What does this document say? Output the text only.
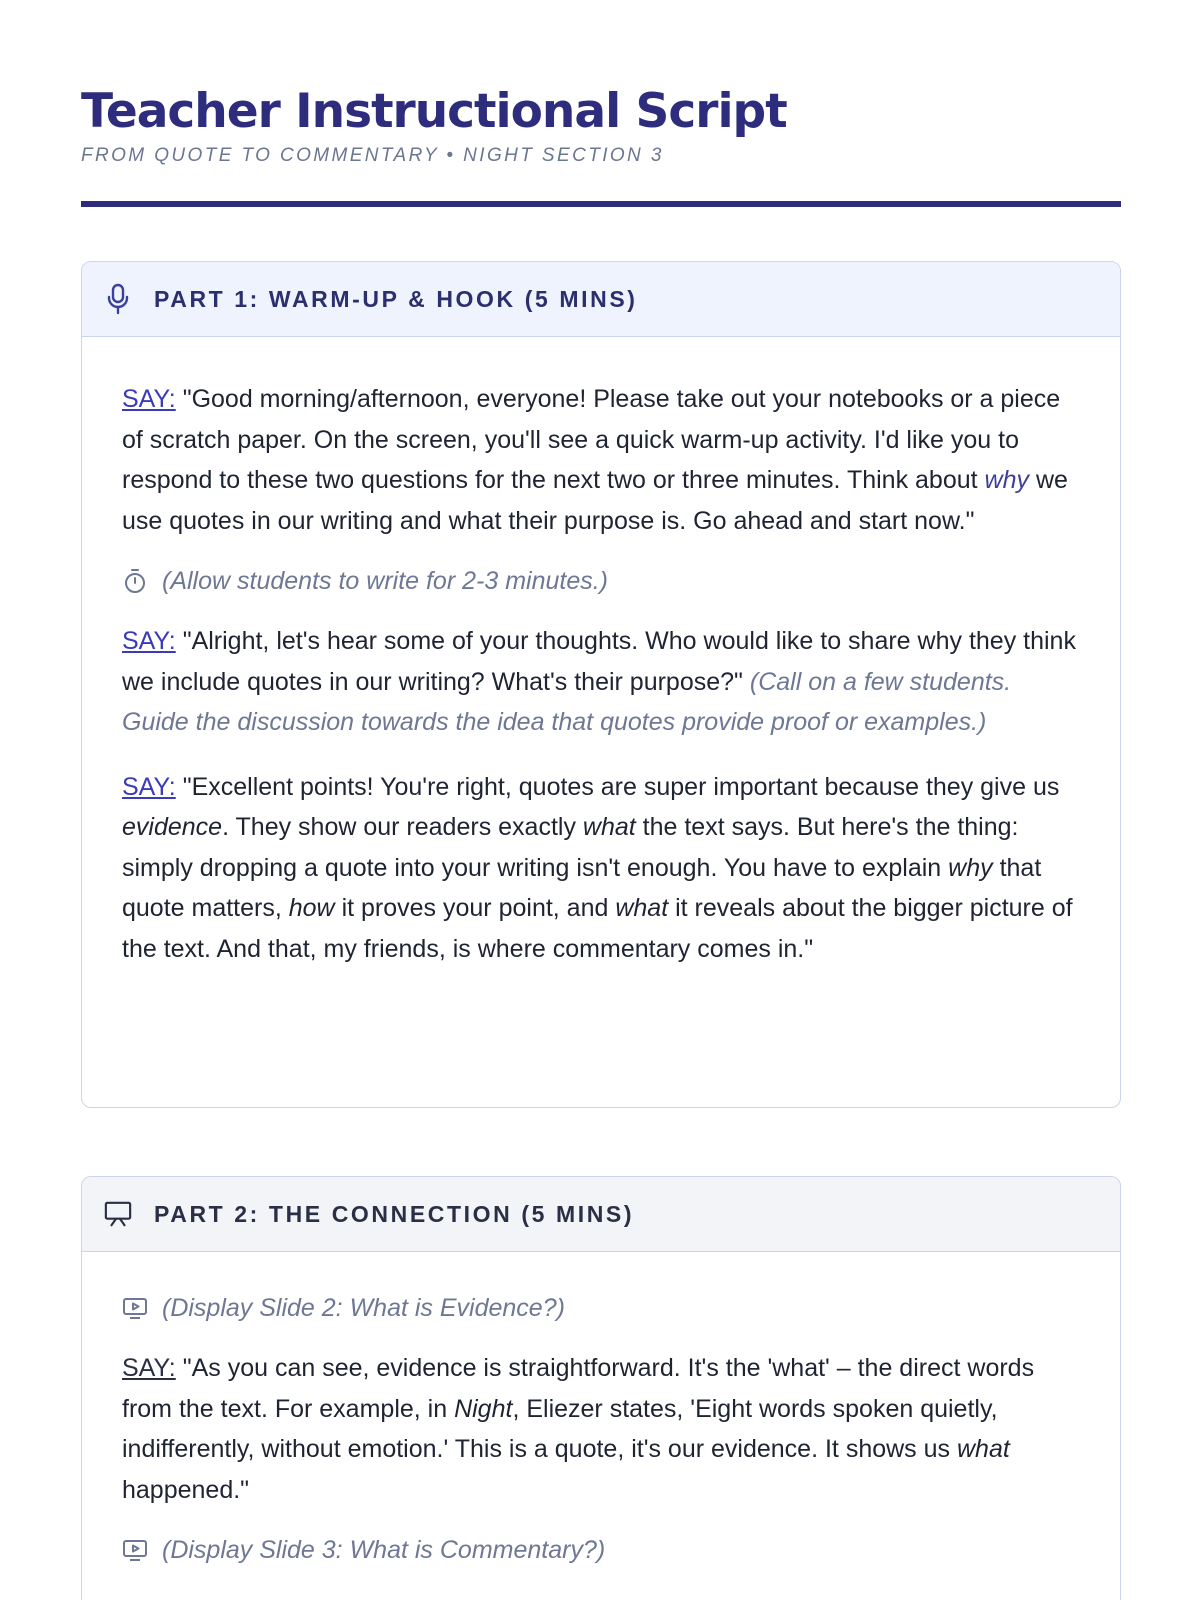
Teacher Instructional Script
FROM QUOTE TO COMMENTARY • NIGHT SECTION 3
PART 1: WARM-UP & HOOK (5 MINS)

SAY: "Good morning/afternoon, everyone! Please take out your notebooks or a piece of scratch paper. On the screen, you'll see a quick warm-up activity. I'd like you to respond to these two questions for the next two or three minutes. Think about why we use quotes in our writing and what their purpose is. Go ahead and start now."

(Allow students to write for 2-3 minutes.)

SAY: "Alright, let's hear some of your thoughts. Who would like to share why they think we include quotes in our writing? What's their purpose?" (Call on a few students. Guide the discussion towards the idea that quotes provide proof or examples.)

SAY: "Excellent points! You're right, quotes are super important because they give us evidence. They show our readers exactly what the text says. But here's the thing: simply dropping a quote into your writing isn't enough. You have to explain why that quote matters, how it proves your point, and what it reveals about the bigger picture of the text. And that, my friends, is where commentary comes in."

PART 2: THE CONNECTION (5 MINS)
(Display Slide 2: What is Evidence?)

SAY: "As you can see, evidence is straightforward. It's the 'what' – the direct words from the text. For example, in Night, Eliezer states, 'Eight words spoken quietly, indifferently, without emotion.' This is a quote, it's our evidence. It shows us what happened."

(Display Slide 3: What is Commentary?)
